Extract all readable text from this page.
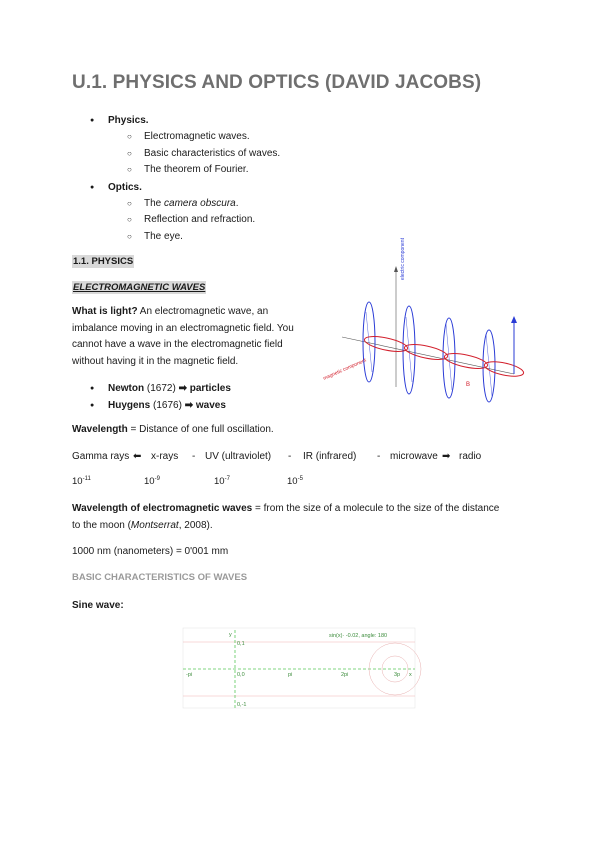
U.1. PHYSICS AND OPTICS (DAVID JACOBS)
● Physics.
○ Electromagnetic waves.
○ Basic characteristics of waves.
○ The theorem of Fourier.
● Optics.
○ The camera obscura.
○ Reflection and refraction.
○ The eye.
1.1. PHYSICS
ELECTROMAGNETIC WAVES
What is light? An electromagnetic wave, an imbalance moving in an electromagnetic field. You cannot have a wave in the electromagnetic field without having it in the magnetic field.
● Newton (1672) ➡ particles
● Huygens (1676) ➡ waves
Wavelength = Distance of one full oscillation.
Gamma rays ⬅ x-rays - UV (ultraviolet) - IR (infrared) - microwave ➡ radio
$10^{-11}$	$10^{-9}$	$10^{-7}$	$10^{-5}$
Wavelength of electromagnetic waves = from the size of a molecule to the size of the distance to the moon (Montserrat, 2008).
1000 nm (nanometers) = 0'001 mm
BASIC CHARACTERISTICS OF WAVES
Sine wave:
B
electric component
magnetic component
y
0,1
0,0
0,-1
-pi	pi	2pi	3p x
sin(x)· -0.02, angle: 180
